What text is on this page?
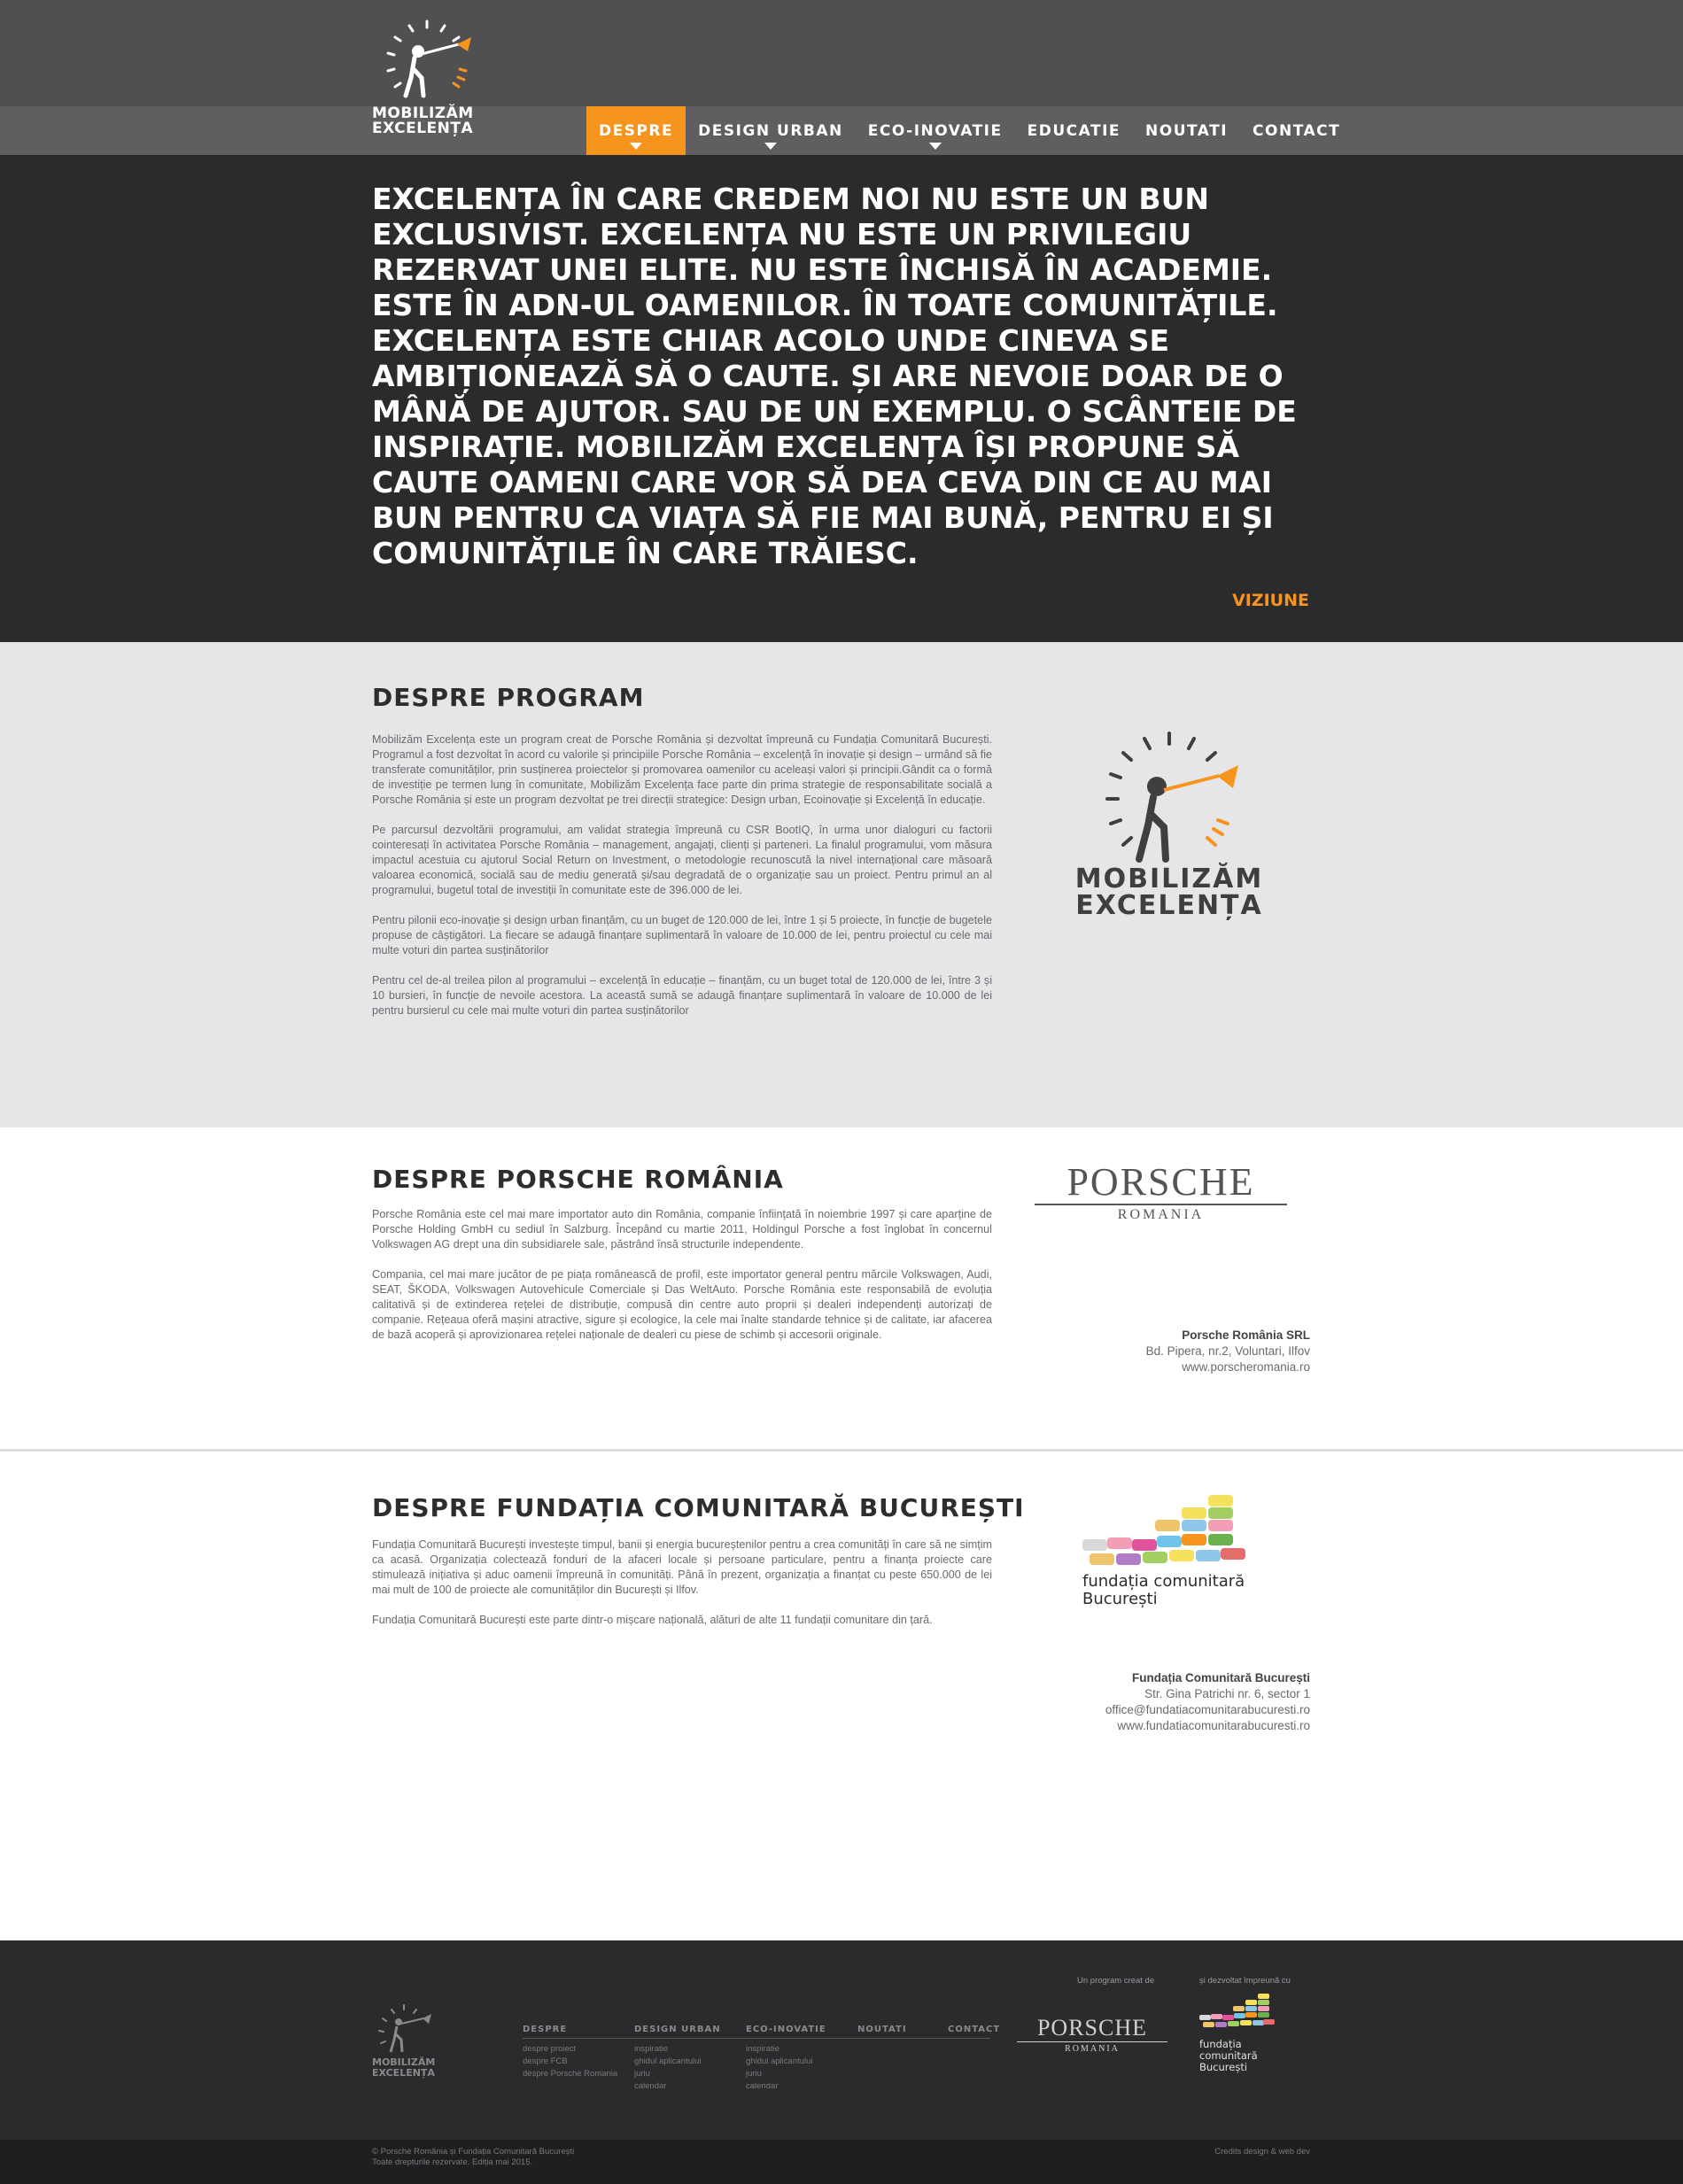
MOBILIZĂM
EXCELENȚA	DESPRE DESIGN URBAN ECO-INOVATIE EDUCATIE NOUTATI CONTACT
EXCELENȚA ÎN CARE CREDEM NOI NU ESTE UN BUN EXCLUSIVIST. EXCELENȚA NU ESTE UN PRIVILEGIU REZERVAT UNEI ELITE. NU ESTE ÎNCHISĂ ÎN ACADEMIE. ESTE ÎN ADN-UL OAMENILOR. ÎN TOATE COMUNITĂȚILE. EXCELENȚA ESTE CHIAR ACOLO UNDE CINEVA SE AMBIȚIONEAZĂ SĂ O CAUTE. ȘI ARE NEVOIE DOAR DE O MÂNĂ DE AJUTOR. SAU DE UN EXEMPLU. O SCÂNTEIE DE INSPIRAȚIE. MOBILIZĂM EXCELENȚA ÎȘI PROPUNE SĂ CAUTE OAMENI CARE VOR SĂ DEA CEVA DIN CE AU MAI BUN PENTRU CA VIAȚA SĂ FIE MAI BUNĂ, PENTRU EI ȘI COMUNITĂȚILE ÎN CARE TRĂIESC.
VIZIUNE
DESPRE PROGRAM

Mobilizăm Excelența este un program creat de Porsche România și dezvoltat împreună cu Fundația Comunitară București. Programul a fost dezvoltat în acord cu valorile și principiile Porsche România – excelență în inovație și design – urmând să fie transferate comunităților, prin susținerea proiectelor și promovarea oamenilor cu aceleași valori și principii.Gândit ca o formă de investiție pe termen lung în comunitate, Mobilizăm Excelența face parte din prima strategie de responsabilitate socială a Porsche România și este un program dezvoltat pe trei direcții strategice: Design urban, Ecoinovație și Excelență în educație.

Pe parcursul dezvoltării programului, am validat strategia împreună cu CSR BootIQ, în urma unor dialoguri cu factorii cointeresați în activitatea Porsche România – management, angajați, clienți și parteneri. La finalul programului, vom măsura impactul acestuia cu ajutorul Social Return on Investment, o metodologie recunoscută la nivel internațional care măsoară valoarea economică, socială sau de mediu generată și/sau degradată de o organizație sau un proiect. Pentru primul an al programului, bugetul total de investiții în comunitate este de 396.000 de lei.

Pentru pilonii eco-inovație și design urban finanțăm, cu un buget de 120.000 de lei, între 1 și 5 proiecte, în funcție de bugetele propuse de câștigători. La fiecare se adaugă finanțare suplimentară în valoare de 10.000 de lei, pentru proiectul cu cele mai multe voturi din partea susținătorilor

Pentru cel de-al treilea pilon al programului – excelență în educație – finanțăm, cu un buget total de 120.000 de lei, între 3 și 10 bursieri, în funcție de nevoile acestora. La această sumă se adaugă finanțare suplimentară în valoare de 10.000 de lei pentru bursierul cu cele mai multe voturi din partea susținătorilor

MOBILIZĂM
EXCELENȚA
DESPRE PORSCHE ROMÂNIA

Porsche România este cel mai mare importator auto din România, companie înființată în noiembrie 1997 și care aparține de Porsche Holding GmbH cu sediul în Salzburg. Începând cu martie 2011, Holdingul Porsche a fost înglobat în concernul Volkswagen AG drept una din subsidiarele sale, păstrând însă structurile independente.

Compania, cel mai mare jucător de pe piața românească de profil, este importator general pentru mărcile Volkswagen, Audi, SEAT, ŠKODA, Volkswagen Autovehicule Comerciale și Das WeltAuto. Porsche România este responsabilă de evoluția calitativă și de extinderea rețelei de distribuție, compusă din centre auto proprii și dealeri independenți autorizați de companie. Rețeaua oferă mașini atractive, sigure și ecologice, la cele mai înalte standarde tehnice și de calitate, iar afacerea de bază acoperă și aprovizionarea rețelei naționale de dealeri cu piese de schimb și accesorii originale.

PORSCHE
ROMANIA
Porsche România SRL
Bd. Pipera, nr.2, Voluntari, Ilfov
www.porscheromania.ro
DESPRE FUNDAȚIA COMUNITARĂ BUCUREȘTI

Fundația Comunitară București investește timpul, banii și energia bucureștenilor pentru a crea comunități în care să ne simțim ca acasă. Organizația colectează fonduri de la afaceri locale și persoane particulare, pentru a finanța proiecte care stimulează inițiativa și aduc oamenii împreună în comunități. Până în prezent, organizația a finanțat cu peste 650.000 de lei mai mult de 100 de proiecte ale comunităților din București și Ilfov.

Fundația Comunitară București este parte dintr-o mișcare națională, alături de alte 11 fundații comunitare din țară.

fundația comunitară
București
Fundația Comunitară București
Str. Gina Patrichi nr. 6, sector 1
office@fundatiacomunitarabucuresti.ro
www.fundatiacomunitarabucuresti.ro
MOBILIZĂM
EXCELENȚA
DESPRE	DESIGN URBAN	ECO-INOVATIE	NOUTATI	CONTACT
despre proiect
despre FCB
despre Porsche Romania
inspiratie
ghidul aplicantului
juriu
calendar
inspiratie
ghidul aplicantului
juriu
calendar
Un program creat de	și dezvoltat împreună cu
PORSCHE
ROMANIA	fundația comunitară
București
© Porsche România și Fundația Comunitară București
Toate drepturile rezervate. Ediția mai 2015.
Credits design & web dev
